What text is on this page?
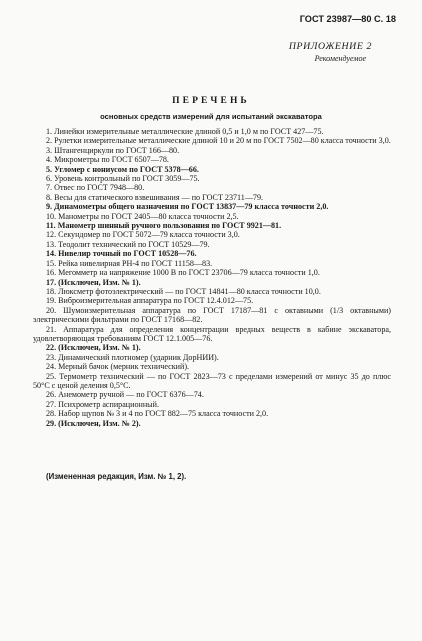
ГОСТ 23987—80 С. 18
ПРИЛОЖЕНИЕ 2
Рекомендуемое
ПЕРЕЧЕНЬ
основных средств измерений для испытаний экскаватора
1. Линейки измерительные металлические длиной 0,5 и 1,0 м по ГОСТ 427—75.
2. Рулетки измерительные металлические длиной 10 и 20 м по ГОСТ 7502—80 класса точности 3,0.
3. Штангенциркули по ГОСТ 166—80.
4. Микрометры по ГОСТ 6507—78.
5. Угломер с нониусом по ГОСТ 5378—66.
6. Уровень контрольный по ГОСТ 3059—75.
7. Отвес по ГОСТ 7948—80.
8. Весы для статического взвешивания — по ГОСТ 23711—79.
9. Динамометры общего назначения по ГОСТ 13837—79 класса точности 2,0.
10. Манометры по ГОСТ 2405—80 класса точности 2,5.
11. Манометр шинный ручного пользования по ГОСТ 9921—81.
12. Секундомер по ГОСТ 5072—79 класса точности 3,0.
13. Теодолит технический по ГОСТ 10529—79.
14. Нивелир точный по ГОСТ 10528—76.
15. Рейка нивелирная РН-4 по ГОСТ 11158—83.
16. Мегомметр на напряжение 1000 В по ГОСТ 23706—79 класса точности 1,0.
17. (Исключен, Изм. № 1).
18. Люксметр фотоэлектрический — по ГОСТ 14841—80 класса точности 10,0.
19. Виброизмерительная аппаратура по ГОСТ 12.4.012—75.
20. Шумоизмерительная аппаратура по ГОСТ 17187—81 с октавными (1/3 октавными) электрическими фильтрами по ГОСТ 17168—82.
21. Аппаратура для определения концентрации вредных веществ в кабине экскаватора, удовлетворяющая требованиям ГОСТ 12.1.005—76.
22. (Исключен, Изм. № 1).
23. Динамический плотномер (ударник ДорНИИ).
24. Мерный бачок (мерник технический).
25. Термометр технический — по ГОСТ 2823—73 с пределами измерений от минус 35 до плюс 50°С с ценой деления 0,5°С.
26. Анемометр ручной — по ГОСТ 6376—74.
27. Психрометр аспирационный.
28. Набор щупов № 3 и 4 по ГОСТ 882—75 класса точности 2,0.
29. (Исключен, Изм. № 2).
(Измененная редакция, Изм. № 1, 2).
